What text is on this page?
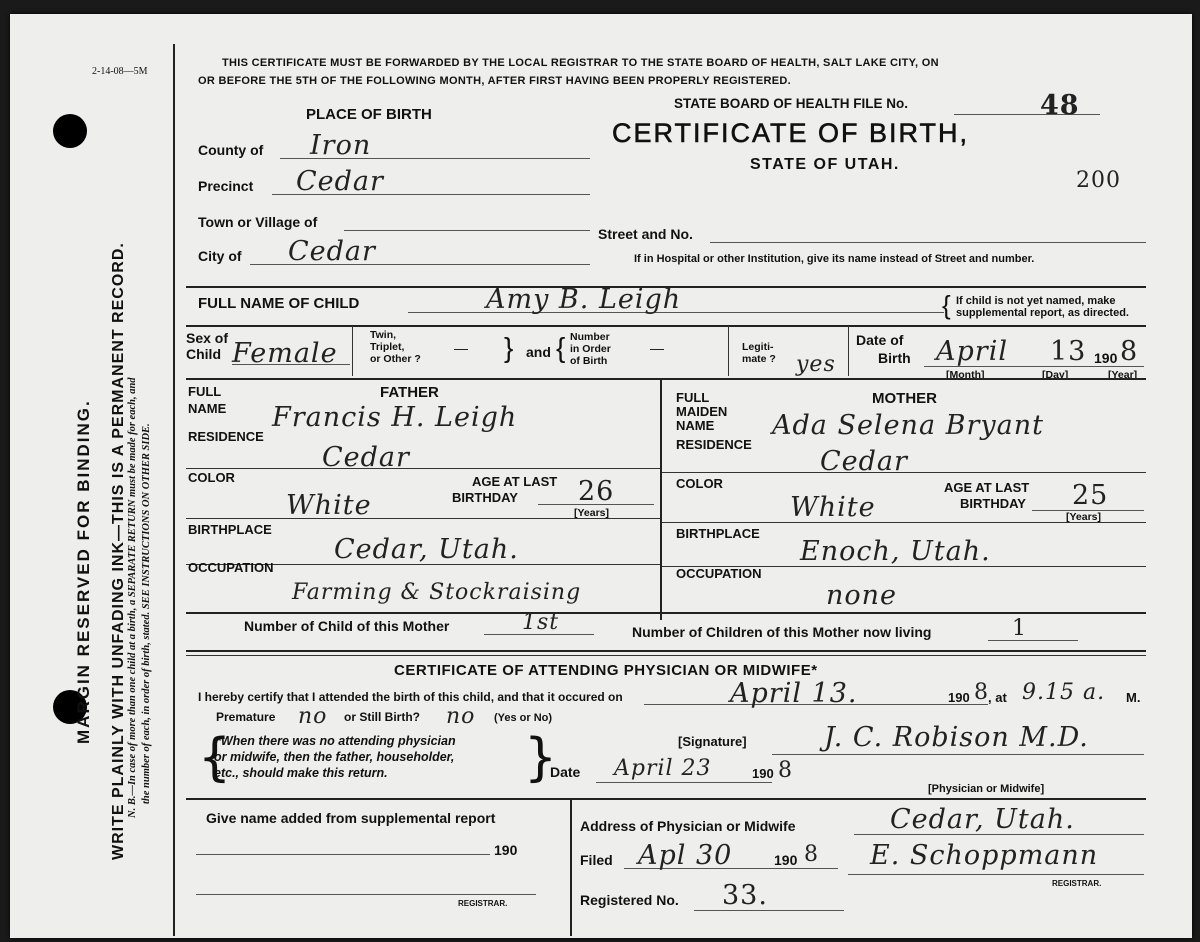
2-14-08—5M
MARGIN RESERVED FOR BINDING. WRITE PLAINLY WITH UNFADING INK—THIS IS A PERMANENT RECORD. N. B.—In case of more than one child at a birth, a SEPARATE RETURN must be made for each, and the number of each, in order of birth, stated. SEE INSTRUCTIONS ON OTHER SIDE.
THIS CERTIFICATE MUST BE FORWARDED BY THE LOCAL REGISTRAR TO THE STATE BOARD OF HEALTH, SALT LAKE CITY, ON
OR BEFORE THE 5TH OF THE FOLLOWING MONTH, AFTER FIRST HAVING BEEN PROPERLY REGISTERED.
STATE BOARD OF HEALTH FILE No.	48
CERTIFICATE OF BIRTH,
STATE OF UTAH.
200
PLACE OF BIRTH
County of Iron
Precinct Cedar
Town or Village of
Street and No.
City of Cedar	If in Hospital or other Institution, give its name instead of Street and number.
FULL NAME OF CHILD	Amy B. Leigh	{ If child is not yet named, make
supplemental report, as directed.
Sex of
Child Female
Twin,
Triplet,
or Other ?
— } and { Number
in Order
of Birth
—	Legiti-
mate ? yes
Date of
Birth April 13 190 8
[Month]	[Day]	[Year]
FATHER
FULL
NAME Francis H. Leigh
RESIDENCE
Cedar
COLOR
White
AGE AT LAST
BIRTHDAY 26
[Years]
BIRTHPLACE
Cedar, Utah.
OCCUPATION
Farming & Stockraising
MOTHER
FULL
MAIDEN
NAME Ada Selena Bryant
RESIDENCE
Cedar
COLOR
White
AGE AT LAST
BIRTHDAY 25
[Years]
BIRTHPLACE
Enoch, Utah.
OCCUPATION
none
Number of Child of this Mother	1st	Number of Children of this Mother now living	1
CERTIFICATE OF ATTENDING PHYSICIAN OR MIDWIFE*
I hereby certify that I attended the birth of this child, and that it occured on	April 13.	190 8 , at 9.15 a. M.
Premature no or Still Birth? no (Yes or No)
{
*When there was no attending physician
or midwife, then the father, householder,
etc., should make this return.	}	[Signature]	J. C. Robison M.D.
Date April 23	190 8
[Physician or Midwife]
Give name added from supplemental report
190
REGISTRAR.
Address of Physician or Midwife	Cedar, Utah.
Filed Apl 30	190 8 E. Schoppmann
REGISTRAR.
Registered No. 33.
